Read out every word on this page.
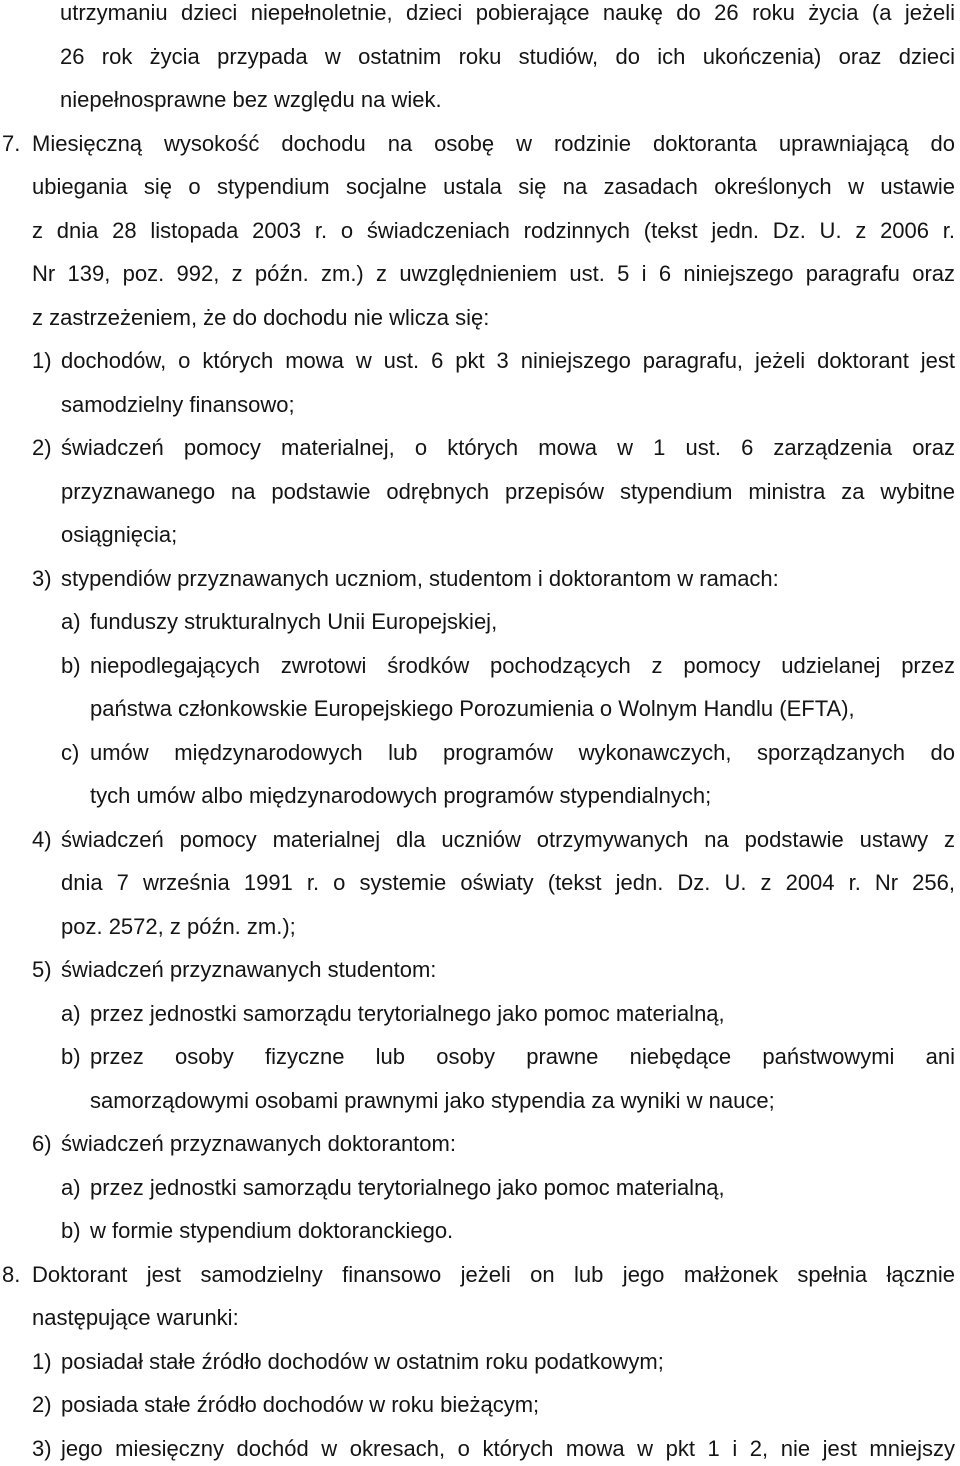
utrzymaniu dzieci niepełnoletnie, dzieci pobierające naukę do 26 roku życia (a jeżeli
26 rok życia przypada w ostatnim roku studiów, do ich ukończenia) oraz dzieci
niepełnosprawne bez względu na wiek.
7. Miesięczną wysokość dochodu na osobę w rodzinie doktoranta uprawniającą do
ubiegania się o stypendium socjalne ustala się na zasadach określonych w ustawie
z dnia 28 listopada 2003 r. o świadczeniach rodzinnych (tekst jedn. Dz. U. z 2006 r.
Nr 139, poz. 992, z późn. zm.) z uwzględnieniem ust. 5 i 6 niniejszego paragrafu oraz
z zastrzeżeniem, że do dochodu nie wlicza się:
1) dochodów, o których mowa w ust. 6 pkt 3 niniejszego paragrafu, jeżeli doktorant jest
samodzielny finansowo;
2) świadczeń pomocy materialnej, o których mowa w 1 ust. 6 zarządzenia oraz
przyznawanego na podstawie odrębnych przepisów stypendium ministra za wybitne
osiągnięcia;
3) stypendiów przyznawanych uczniom, studentom i doktorantom w ramach:
a) funduszy strukturalnych Unii Europejskiej,
b) niepodlegających zwrotowi środków pochodzących z pomocy udzielanej przez
państwa członkowskie Europejskiego Porozumienia o Wolnym Handlu (EFTA),
c) umów międzynarodowych lub programów wykonawczych, sporządzanych do
tych umów albo międzynarodowych programów stypendialnych;
4) świadczeń pomocy materialnej dla uczniów otrzymywanych na podstawie ustawy z
dnia 7 września 1991 r. o systemie oświaty (tekst jedn. Dz. U. z 2004 r. Nr 256,
poz. 2572, z późn. zm.);
5) świadczeń przyznawanych studentom:
a) przez jednostki samorządu terytorialnego jako pomoc materialną,
b) przez osoby fizyczne lub osoby prawne niebędące państwowymi ani
samorządowymi osobami prawnymi jako stypendia za wyniki w nauce;
6) świadczeń przyznawanych doktorantom:
a) przez jednostki samorządu terytorialnego jako pomoc materialną,
b) w formie stypendium doktoranckiego.
8. Doktorant jest samodzielny finansowo jeżeli on lub jego małżonek spełnia łącznie
następujące warunki:
1) posiadał stałe źródło dochodów w ostatnim roku podatkowym;
2) posiada stałe źródło dochodów w roku bieżącym;
3) jego miesięczny dochód w okresach, o których mowa w pkt 1 i 2, nie jest mniejszy
